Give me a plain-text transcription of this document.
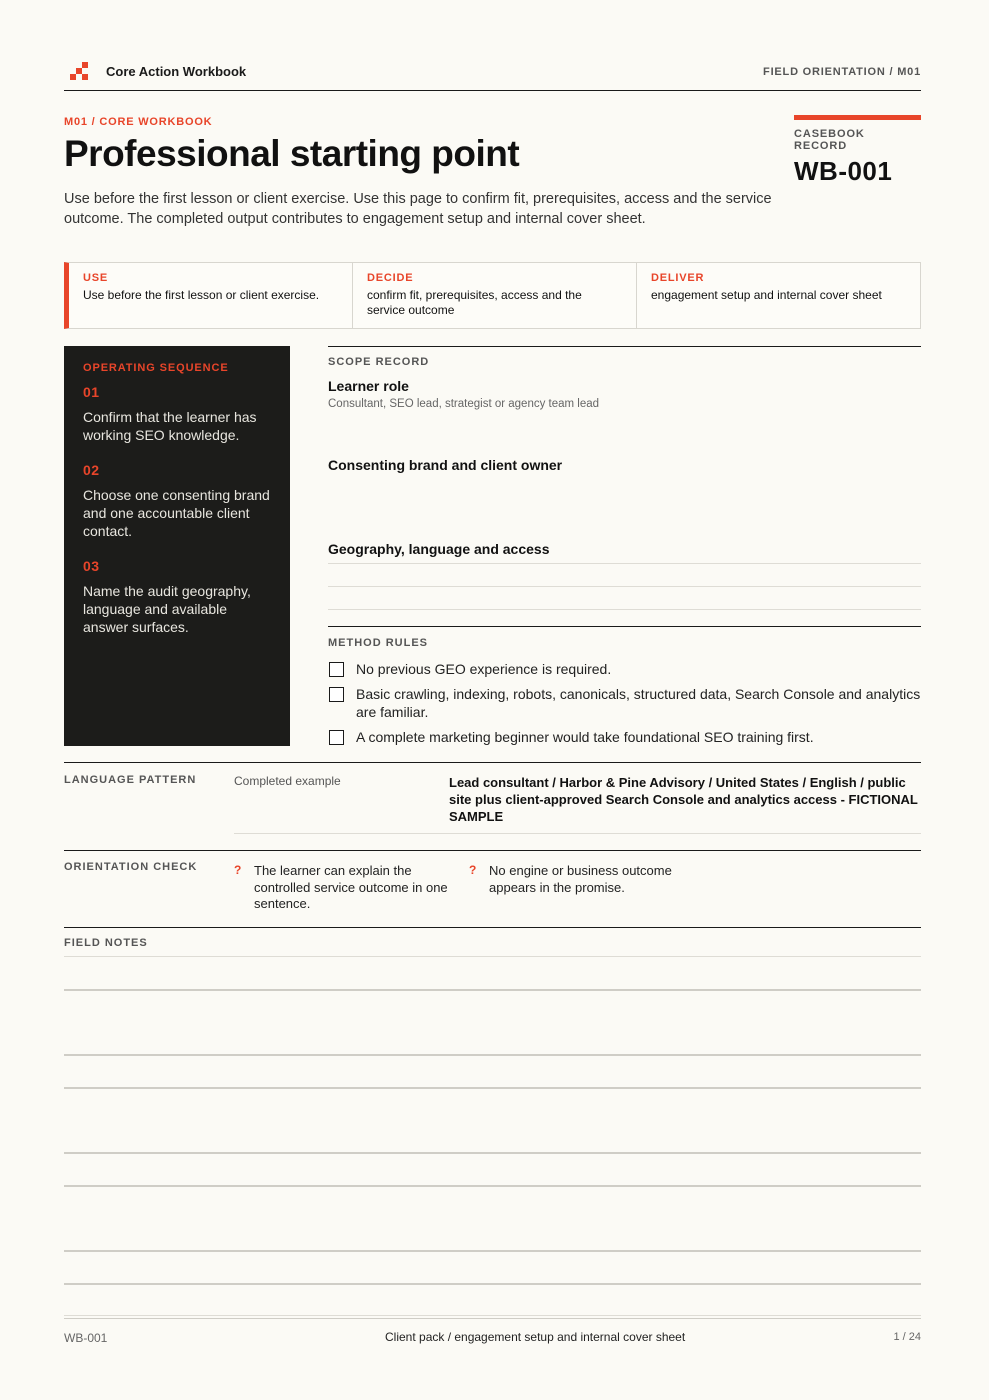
Core Action Workbook	FIELD ORIENTATION / M01
M01 / CORE WORKBOOK
Professional starting point

Use before the first lesson or client exercise. Use this page to confirm fit, prerequisites, access and the service outcome. The completed output contributes to engagement setup and internal cover sheet.

CASEBOOK RECORD
WB-001
USE
Use before the first lesson or client exercise.
DECIDE
confirm fit, prerequisites, access and the service outcome
DELIVER
engagement setup and internal cover sheet
OPERATING SEQUENCE
01
Confirm that the learner has working SEO knowledge.
02
Choose one consenting brand and one accountable client contact.
03
Name the audit geography, language and available answer surfaces.
SCOPE RECORD
Learner role
Consultant, SEO lead, strategist or agency team lead
Consenting brand and client owner
Geography, language and access
METHOD RULES
No previous GEO experience is required.
Basic crawling, indexing, robots, canonicals, structured data, Search Console and analytics are familiar.
A complete marketing beginner would take foundational SEO training first.
LANGUAGE PATTERN	Completed example	Lead consultant / Harbor & Pine Advisory / United States / English / public site plus client-approved Search Console and analytics access - FICTIONAL SAMPLE
ORIENTATION CHECK	? The learner can explain the controlled service outcome in one sentence.
? No engine or business outcome appears in the promise.
FIELD NOTES
WB-001	Client pack / engagement setup and internal cover sheet	1 / 24
